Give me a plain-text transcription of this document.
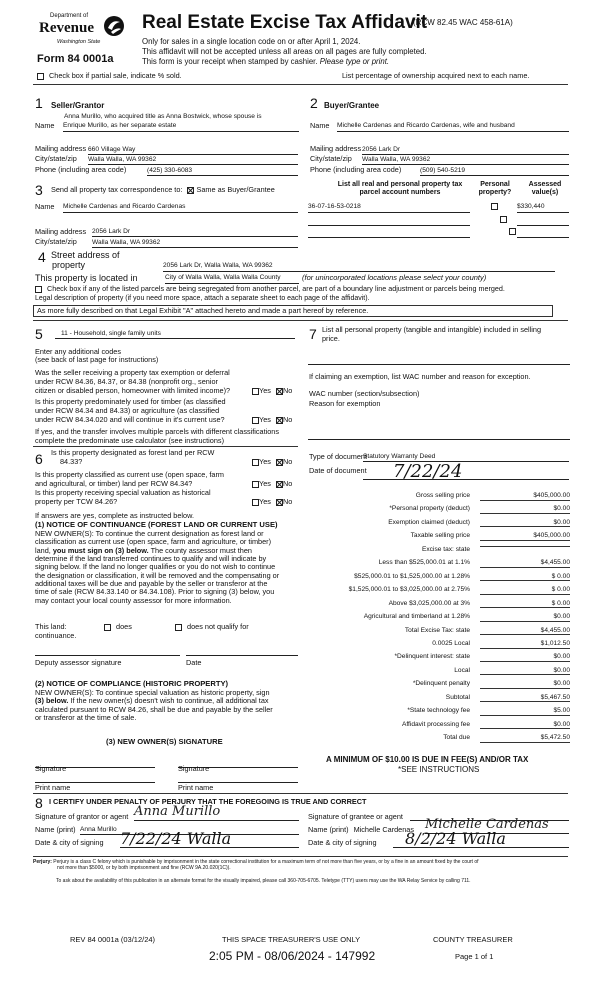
Department of
Revenue
Washington State
Form 84 0001a
Real Estate Excise Tax Affidavit
(RCW 82.45 WAC 458-61A)
Only for sales in a single location code on or after April 1, 2024.
This affidavit will not be accepted unless all areas on all pages are fully completed.
This form is your receipt when stamped by cashier. Please type or print.
Check box if partial sale, indicate % sold.	List percentage of ownership acquired next to each name.
1 Seller/Grantor
Anna Murillo, who acquired title as Anna Bostwick, whose spouse is
Name Enrique Murillo, as her separate estate
Mailing address 660 Village Way
City/state/zip Walla Walla, WA 99362
Phone (including area code)	(425) 330-6083
2 Buyer/Grantee
Name Michelle Cardenas and Ricardo Cardenas, wife and husband
Mailing address 2056 Lark Dr
City/state/zip Walla Walla, WA 99362
Phone (including area code)	(509) 540-5219
3 Send all property tax correspondence to: Same as Buyer/Grantee
Name Michelle Cardenas and Ricardo Cardenas
Mailing address 2056 Lark Dr
City/state/zip Walla Walla, WA 99362
List all real and personal property tax
parcel account numbers
Personal
property?
Assessed
value(s)
36-07-16-53-0218
	$330,440

4 Street address of
property	2056 Lark Dr, Walla Walla, WA 99362
This property is located in	City of Walla Walla, Walla Walla County	(for unincorporated locations please select your county)
Check box if any of the listed parcels are being segregated from another parcel, are part of a boundary line adjustment or parcels being merged.
Legal description of property (if you need more space, attach a separate sheet to each page of the affidavit).
As more fully described on that Legal Exhibit "A" attached hereto and made a part hereof by reference.
5	11 - Household, single family units
Enter any additional codes
(see back of last page for instructions)
Was the seller receiving a property tax exemption or deferral
under RCW 84.36, 84.37, or 84.38 (nonprofit org., senior
citizen or disabled person, homeowner with limited income)?	Yes No
Is this property predominately used for timber (as classified
under RCW 84.34 and 84.33) or agriculture (as classified
under RCW 84.34.020 and will continue in it's current use?	Yes No
If yes, and the transfer involves multiple parcels with different classifications
complete the predominate use calculator (see instructions)
6 Is this property designated as forest land per RCW
84.33?	Yes No
Is this property classified as current use (open space, farm
and agricultural, or timber) land per RCW 84.34?	Yes No
Is this property receiving special valuation as historical
property per TCW 84.26?	Yes No
If answers are yes, complete as instructed below.
(1) NOTICE OF CONTINUANCE (FOREST LAND OR CURRENT USE)
NEW OWNER(S): To continue the current designation as forest land or
classification as current use (open space, farm and agriculture, or timber)
land, you must sign on (3) below. The county assessor must then
determine if the land transferred continues to qualify and will indicate by
signing below. If the land no longer qualifies or you do not wish to continue
the designation or classification, it will be removed and the compensating or
additional taxes will be due and payable by the seller or transferor at the
time of sale (RCW 84.33.140 or 84.34.108). Prior to signing (3) below, you
may contact your local county assessor for more information.
This land:
continuance.
does	does not qualify for
Deputy assessor signature	Date
(2) NOTICE OF COMPLIANCE (HISTORIC PROPERTY)
NEW OWNER(S): To continue special valuation as historic property, sign
(3) below. If the new owner(s) doesn't wish to continue, all additional tax
calculated pursuant to RCW 84.26, shall be due and payable by the seller
or transferor at the time of sale.
(3) NEW OWNER(S) SIGNATURE
Signature	Signature
Print name	Print name
7 List all personal property (tangible and intangible) included in selling
price.
If claiming an exemption, list WAC number and reason for exception.
WAC number (section/subsection)
Reason for exemption
Type of document
Statutory Warranty Deed
Date of document	7/22/24
Gross selling price	$405,000.00
*Personal property (deduct)	$0.00
Exemption claimed (deduct)	$0.00
Taxable selling price	$405,000.00
Excise tax: state
Less than $525,000.01 at 1.1%	$4,455.00
$525,000.01 to $1,525,000.00 at 1.28%	$ 0.00
$1,525,000.01 to $3,025,000.00 at 2.75%	$ 0.00
Above $3,025,000.00 at 3%	$ 0.00
Agricultural and timberland at 1.28%	$0.00
Total Excise Tax: state	$4,455.00
0.0025 Local	$1,012.50
*Delinquent interest: state	$0.00
Local	$0.00
*Delinquent penalty	$0.00
Subtotal	$5,467.50
*State technology fee	$5.00
Affidavit processing fee	$0.00
Total due	$5,472.50
A MINIMUM OF $10.00 IS DUE IN FEE(S) AND/OR TAX
*SEE INSTRUCTIONS
8 I CERTIFY UNDER PENALTY OF PERJURY THAT THE FOREGOING IS TRUE AND CORRECT
Signature of grantor or agent Anna Murillo
Name (print) Anna Murillo
Date & city of signing 7/22/24 Walla
Signature of grantee or agent
Name (print) Michelle Cardenas Michelle Cardenas
Date & city of signing	8/2/24 Walla
Perjury: Perjury is a class C felony which is punishable by imprisonment in the state correctional institution for a maximum term of not more than five years, or by a fine in an amount fixed by the court of
not more than $5000, or by both imprisonment and fine (RCW 9A.20.020(1C)).
To ask about the availability of this publication in an alternate format for the visually impaired, please call 360-705-6705. Teletype (TTY) users may use the WA Relay Service by calling 711.
REV 84 0001a (03/12/24)	THIS SPACE TREASURER'S USE ONLY	COUNTY TREASURER
2:05 PM - 08/06/2024 - 147992	Page 1 of 1
